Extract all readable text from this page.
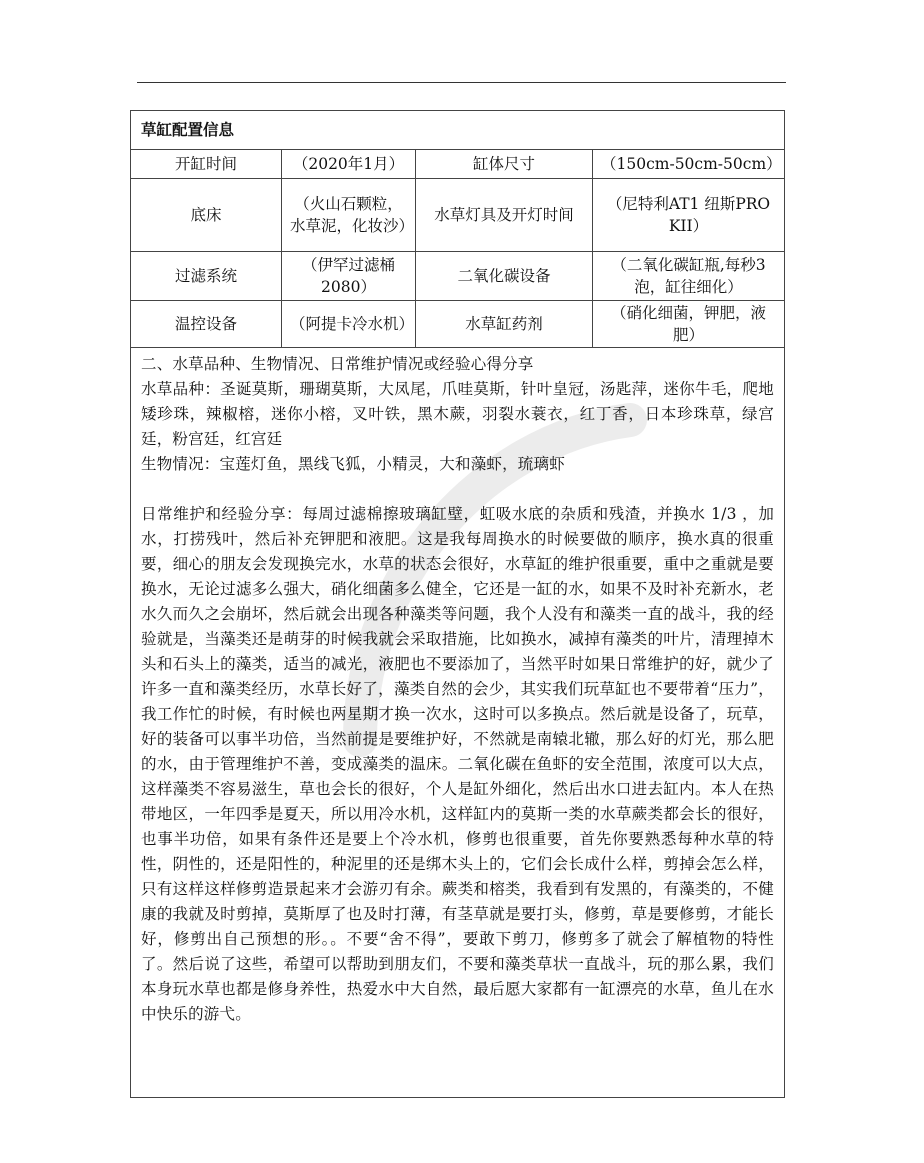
草缸配置信息			
开缸时间	（2020年1月）	缸体尺寸	（150cm-50cm-50cm）
底床	（火山石颗粒，水草泥，化妆沙）	水草灯具及开灯时间	（尼特利AT1 纽斯PRO KII）
过滤系统	（伊罕过滤桶2080）	二氧化碳设备	（二氧化碳缸瓶,每秒3泡，缸往细化）
温控设备	（阿提卡冷水机）	水草缸药剂	（硝化细菌，钾肥，液肥）

二、水草品种、生物情况、日常维护情况或经验心得分享

水草品种：圣诞莫斯，珊瑚莫斯，大凤尾，爪哇莫斯，针叶皇冠，汤匙萍，迷你牛毛，爬地矮珍珠，辣椒榕，迷你小榕，叉叶铁，黑木蕨，羽裂水蓑衣，红丁香，日本珍珠草，绿宫廷，粉宫廷，红宫廷

生物情况：宝莲灯鱼，黑线飞狐，小精灵，大和藻虾，琉璃虾

日常维护和经验分享：每周过滤棉擦玻璃缸壁，虹吸水底的杂质和残渣，并换水 1/3 ，加水，打捞残叶，然后补充钾肥和液肥。这是我每周换水的时候要做的顺序，换水真的很重要，细心的朋友会发现换完水，水草的状态会很好，水草缸的维护很重要，重中之重就是要换水，无论过滤多么强大，硝化细菌多么健全，它还是一缸的水，如果不及时补充新水，老水久而久之会崩坏，然后就会出现各种藻类等问题，我个人没有和藻类一直的战斗，我的经验就是，当藻类还是萌芽的时候我就会采取措施，比如换水，减掉有藻类的叶片，清理掉木头和石头上的藻类，适当的减光，液肥也不要添加了，当然平时如果日常维护的好，就少了许多一直和藻类经历，水草长好了，藻类自然的会少，其实我们玩草缸也不要带着“压力”，我工作忙的时候，有时候也两星期才换一次水，这时可以多换点。然后就是设备了，玩草，好的装备可以事半功倍，当然前提是要维护好，不然就是南辕北辙，那么好的灯光，那么肥的水，由于管理维护不善，变成藻类的温床。二氧化碳在鱼虾的安全范围，浓度可以大点，这样藻类不容易滋生，草也会长的很好，个人是缸外细化，然后出水口进去缸内。本人在热带地区，一年四季是夏天，所以用冷水机，这样缸内的莫斯一类的水草蕨类都会长的很好，也事半功倍，如果有条件还是要上个冷水机，修剪也很重要，首先你要熟悉每种水草的特性，阴性的，还是阳性的，种泥里的还是绑木头上的，它们会长成什么样，剪掉会怎么样，只有这样这样修剪造景起来才会游刃有余。蕨类和榕类，我看到有发黑的，有藻类的，不健康的我就及时剪掉，莫斯厚了也及时打薄，有茎草就是要打头，修剪，草是要修剪，才能长好，修剪出自己预想的形。。不要“舍不得”，要敢下剪刀，修剪多了就会了解植物的特性了。然后说了这些，希望可以帮助到朋友们，不要和藻类草状一直战斗，玩的那么累，我们本身玩水草也都是修身养性，热爱水中大自然，最后愿大家都有一缸漂亮的水草，鱼儿在水中快乐的游弋。			
